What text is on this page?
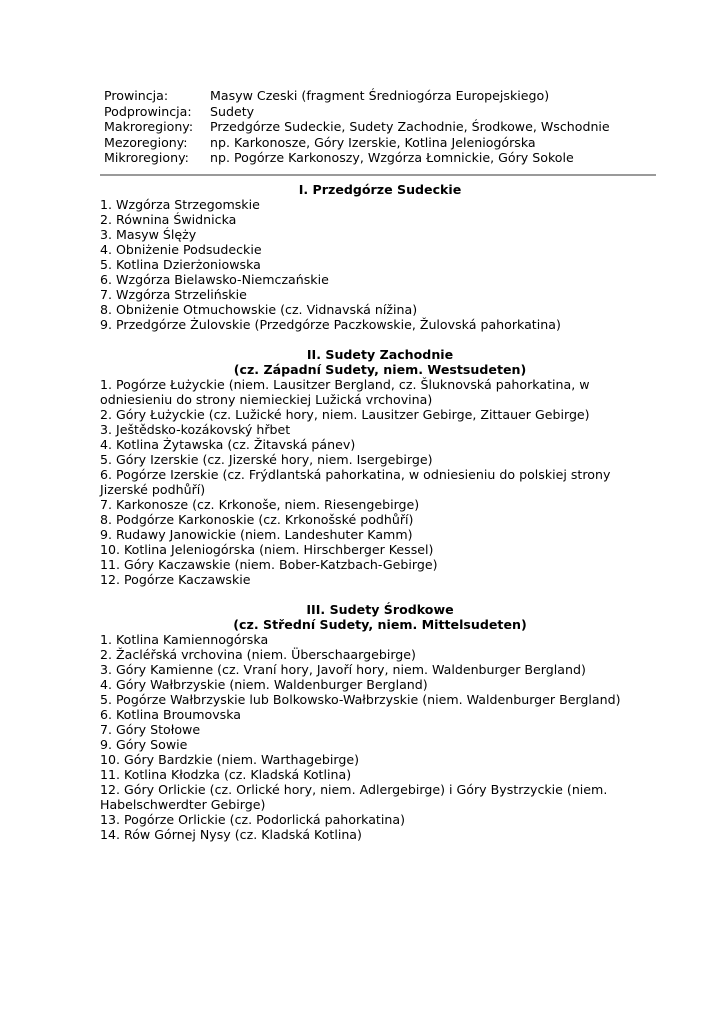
Prowincja:	Masyw Czeski (fragment Średniogórza Europejskiego)
Podprowincja:	Sudety
Makroregiony:	Przedgórze Sudeckie, Sudety Zachodnie, Środkowe, Wschodnie
Mezoregiony:	np. Karkonosze, Góry Izerskie, Kotlina Jeleniogórska
Mikroregiony:	np. Pogórze Karkonoszy, Wzgórza Łomnickie, Góry Sokole
I. Przedgórze Sudeckie
1. Wzgórza Strzegomskie
2. Równina Świdnicka
3. Masyw Ślęży
4. Obniżenie Podsudeckie
5. Kotlina Dzierżoniowska
6. Wzgórza Bielawsko-Niemczańskie
7. Wzgórza Strzelińskie
8. Obniżenie Otmuchowskie (cz. Vidnavská nížina)
9. Przedgórze Żulovskie (Przedgórze Paczkowskie, Žulovská pahorkatina)
II. Sudety Zachodnie
(cz. Západní Sudety, niem. Westsudeten)
1. Pogórze Łużyckie (niem. Lausitzer Bergland, cz. Šluknovská pahorkatina, w odniesieniu do strony niemieckiej Lužická vrchovina)
2. Góry Łużyckie (cz. Lužické hory, niem. Lausitzer Gebirge, Zittauer Gebirge)
3. Ještědsko-kozákovský hřbet
4. Kotlina Żytawska (cz. Žitavská pánev)
5. Góry Izerskie (cz. Jizerské hory, niem. Isergebirge)
6. Pogórze Izerskie (cz. Frýdlantská pahorkatina, w odniesieniu do polskiej strony Jizerské podhůří)
7. Karkonosze (cz. Krkonoše, niem. Riesengebirge)
8. Podgórze Karkonoskie (cz. Krkonošské podhůří)
9. Rudawy Janowickie (niem. Landeshuter Kamm)
10. Kotlina Jeleniogórska (niem. Hirschberger Kessel)
11. Góry Kaczawskie (niem. Bober-Katzbach-Gebirge)
12. Pogórze Kaczawskie
III. Sudety Środkowe
(cz. Střední Sudety, niem. Mittelsudeten)
1. Kotlina Kamiennogórska
2. Žacléřská vrchovina (niem. Überschaargebirge)
3. Góry Kamienne (cz. Vraní hory, Javoří hory, niem. Waldenburger Bergland)
4. Góry Wałbrzyskie (niem. Waldenburger Bergland)
5. Pogórze Wałbrzyskie lub Bolkowsko-Wałbrzyskie (niem. Waldenburger Bergland)
6. Kotlina Broumovska
7. Góry Stołowe
9. Góry Sowie
10. Góry Bardzkie (niem. Warthagebirge)
11. Kotlina Kłodzka (cz. Kladská Kotlina)
12. Góry Orlickie (cz. Orlické hory, niem. Adlergebirge) i Góry Bystrzyckie (niem. Habelschwerdter Gebirge)
13. Pogórze Orlickie (cz. Podorlická pahorkatina)
14. Rów Górnej Nysy (cz. Kladská Kotlina)
